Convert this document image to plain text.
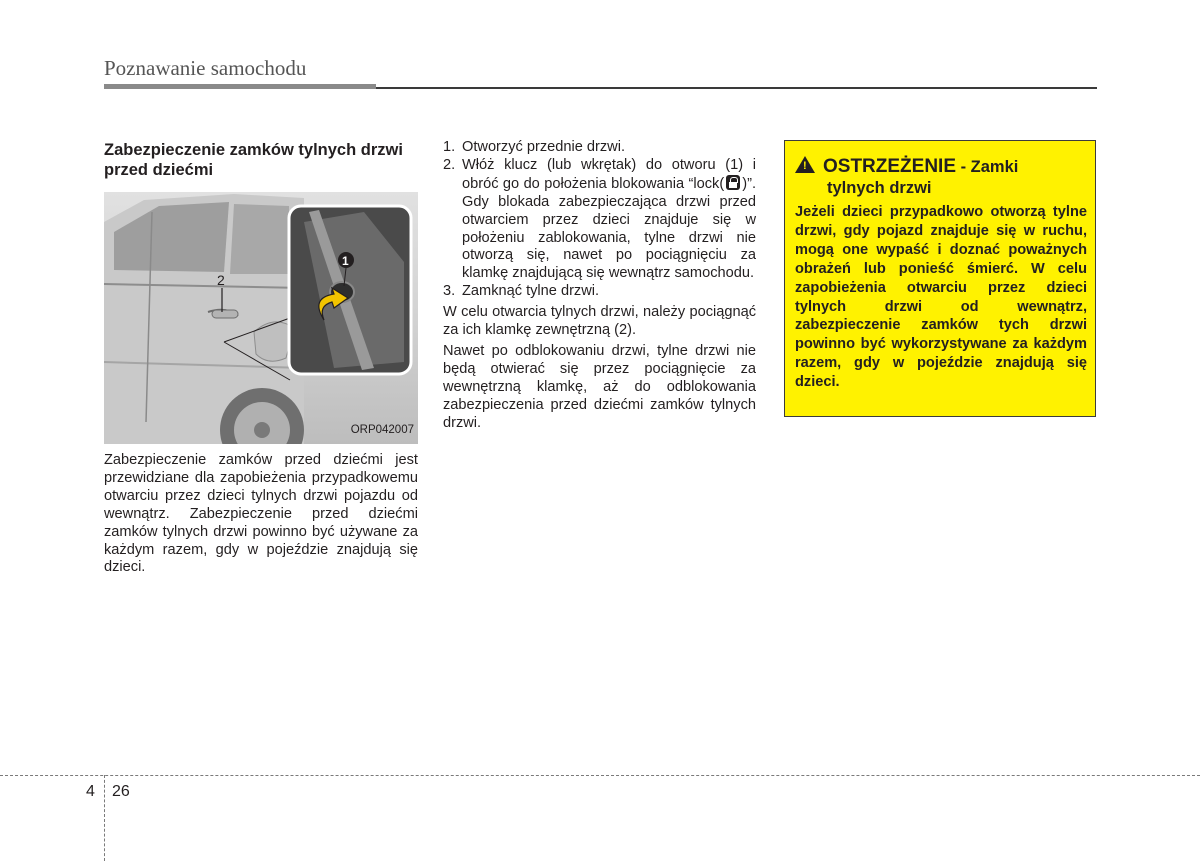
Poznawanie samochodu
Zabezpieczenie zamków tylnych drzwi przed dziećmi
2
1
ORP042007

Zabezpieczenie zamków przed dziećmi jest przewidziane dla zapobieżenia przypadkowemu otwarciu przez dzieci tylnych drzwi pojazdu od wewnątrz. Zabezpieczenie przed dziećmi zamków tylnych drzwi powinno być używane za każdym razem, gdy w pojeździe znajdują się dzieci.

1. Otworzyć przednie drzwi.
2. Włóż klucz (lub wkrętak) do otworu (1) i obróć go do położenia blokowania “lock( )”. Gdy blokada zabezpieczająca drzwi przed otwarciem przez dzieci znajduje się w położeniu zablokowania, tylne drzwi nie otworzą się, nawet po pociągnięciu za klamkę znajdującą się wewnątrz samochodu.
3. Zamknąć tylne drzwi.
W celu otwarcia tylnych drzwi, należy pociągnąć za ich klamkę zewnętrzną (2).
Nawet po odblokowaniu drzwi, tylne drzwi nie będą otwierać się przez pociągnięcie za wewnętrzną klamkę, aż do odblokowania zabezpieczenia przed dziećmi zamków tylnych drzwi.
! OSTRZEŻENIE - Zamki
tylnych drzwi
Jeżeli dzieci przypadkowo otworzą tylne drzwi, gdy pojazd znajduje się w ruchu, mogą one wypaść i doznać poważnych obrażeń lub ponieść śmierć. W celu zapobieżenia otwarciu przez dzieci tylnych drzwi od wewnątrz, zabezpieczenie zamków tych drzwi powinno być wykorzystywane za każdym razem, gdy w pojeździe znajdują się dzieci.
4 26
